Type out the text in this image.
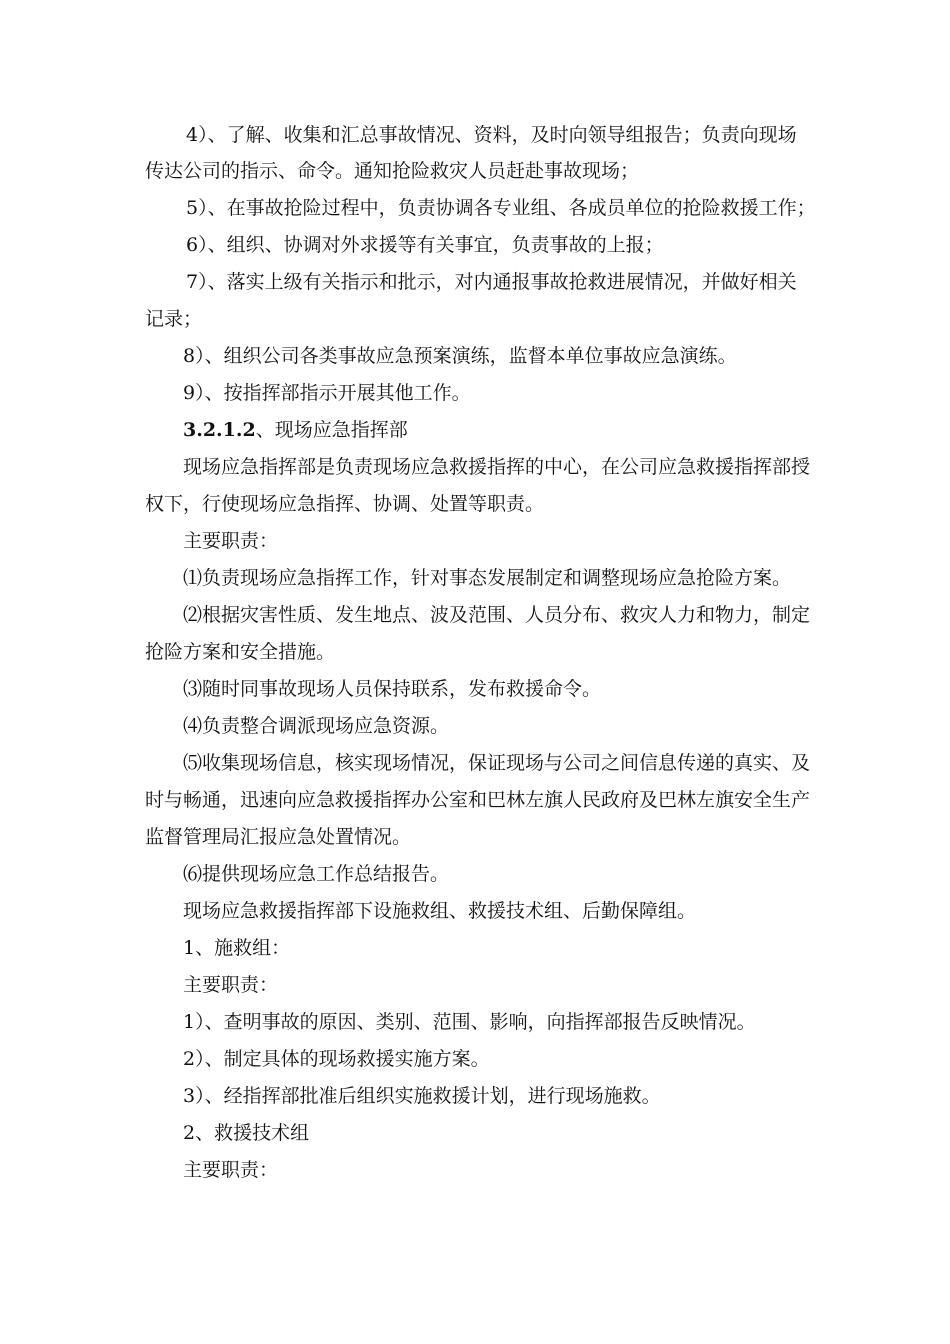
4）、了解、收集和汇总事故情况、资料，及时向领导组报告；负责向现场
传达公司的指示、命令。通知抢险救灾人员赶赴事故现场；
5）、在事故抢险过程中，负责协调各专业组、各成员单位的抢险救援工作；
6）、组织、协调对外求援等有关事宜，负责事故的上报；
7）、落实上级有关指示和批示，对内通报事故抢救进展情况，并做好相关
记录；
8）、组织公司各类事故应急预案演练，监督本单位事故应急演练。
9）、按指挥部指示开展其他工作。
3.2.1.2、现场应急指挥部
现场应急指挥部是负责现场应急救援指挥的中心，在公司应急救援指挥部授
权下，行使现场应急指挥、协调、处置等职责。
主要职责：
⑴负责现场应急指挥工作，针对事态发展制定和调整现场应急抢险方案。
⑵根据灾害性质、发生地点、波及范围、人员分布、救灾人力和物力，制定
抢险方案和安全措施。
⑶随时同事故现场人员保持联系，发布救援命令。
⑷负责整合调派现场应急资源。
⑸收集现场信息，核实现场情况，保证现场与公司之间信息传递的真实、及
时与畅通，迅速向应急救援指挥办公室和巴林左旗人民政府及巴林左旗安全生产
监督管理局汇报应急处置情况。
⑹提供现场应急工作总结报告。
现场应急救援指挥部下设施救组、救援技术组、后勤保障组。
1、施救组：
主要职责：
1）、查明事故的原因、类别、范围、影响，向指挥部报告反映情况。
2）、制定具体的现场救援实施方案。
3）、经指挥部批准后组织实施救援计划，进行现场施救。
2、救援技术组
主要职责：
